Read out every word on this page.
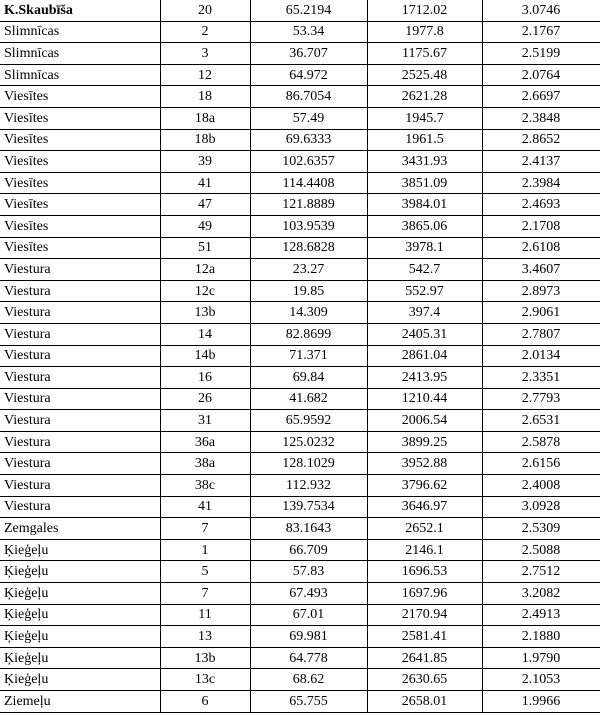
K.Skaubīša	20	65.2194	1712.02	3.0746
Slimnīcas	2	53.34	1977.8	2.1767
Slimnīcas	3	36.707	1175.67	2.5199
Slimnīcas	12	64.972	2525.48	2.0764
Viesītes	18	86.7054	2621.28	2.6697
Viesītes	18a	57.49	1945.7	2.3848
Viesītes	18b	69.6333	1961.5	2.8652
Viesītes	39	102.6357	3431.93	2.4137
Viesītes	41	114.4408	3851.09	2.3984
Viesītes	47	121.8889	3984.01	2.4693
Viesītes	49	103.9539	3865.06	2.1708
Viesītes	51	128.6828	3978.1	2.6108
Viestura	12a	23.27	542.7	3.4607
Viestura	12c	19.85	552.97	2.8973
Viestura	13b	14.309	397.4	2.9061
Viestura	14	82.8699	2405.31	2.7807
Viestura	14b	71.371	2861.04	2.0134
Viestura	16	69.84	2413.95	2.3351
Viestura	26	41.682	1210.44	2.7793
Viestura	31	65.9592	2006.54	2.6531
Viestura	36a	125.0232	3899.25	2.5878
Viestura	38a	128.1029	3952.88	2.6156
Viestura	38c	112.932	3796.62	2.4008
Viestura	41	139.7534	3646.97	3.0928
Zemgales	7	83.1643	2652.1	2.5309
Ķieģeļu	1	66.709	2146.1	2.5088
Ķieģeļu	5	57.83	1696.53	2.7512
Ķieģeļu	7	67.493	1697.96	3.2082
Ķieģeļu	11	67.01	2170.94	2.4913
Ķieģeļu	13	69.981	2581.41	2.1880
Ķieģeļu	13b	64.778	2641.85	1.9790
Ķieģeļu	13c	68.62	2630.65	2.1053
Ziemeļu	6	65.755	2658.01	1.9966
